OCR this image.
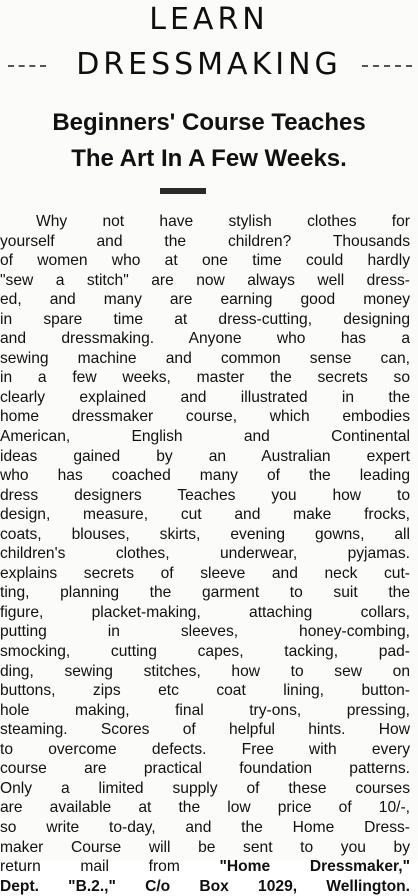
LEARN
DRESSMAKING
Beginners' Course Teaches
The Art In A Few Weeks.
Why not have stylish clothes for
yourself and the children? Thousands
of women who at one time could hardly
"sew a stitch" are now always well dress-
ed, and many are earning good money
in spare time at dress-cutting, designing
and dressmaking. Anyone who has a
sewing machine and common sense can,
in a few weeks, master the secrets so
clearly explained and illustrated in the
home dressmaker course, which embodies
American, English and Continental
ideas gained by an Australian expert
who has coached many of the leading
dress designers Teaches you how to
design, measure, cut and make frocks,
coats, blouses, skirts, evening gowns, all
children's clothes, underwear, pyjamas.
explains secrets of sleeve and neck cut-
ting, planning the garment to suit the
figure, placket-making, attaching collars,
putting in sleeves, honey-combing,
smocking, cutting capes, tacking, pad-
ding, sewing stitches, how to sew on
buttons, zips etc coat lining, button-
hole making, final try-ons, pressing,
steaming. Scores of helpful hints. How
to overcome defects. Free with every
course are practical foundation patterns.
Only a limited supply of these courses
are available at the low price of 10/-,
so write to-day, and the Home Dress-
maker Course will be sent to you by
return mail from	"Home Dressmaker,"
Dept. "B.2.," C/o Box 1029, Wellington.
